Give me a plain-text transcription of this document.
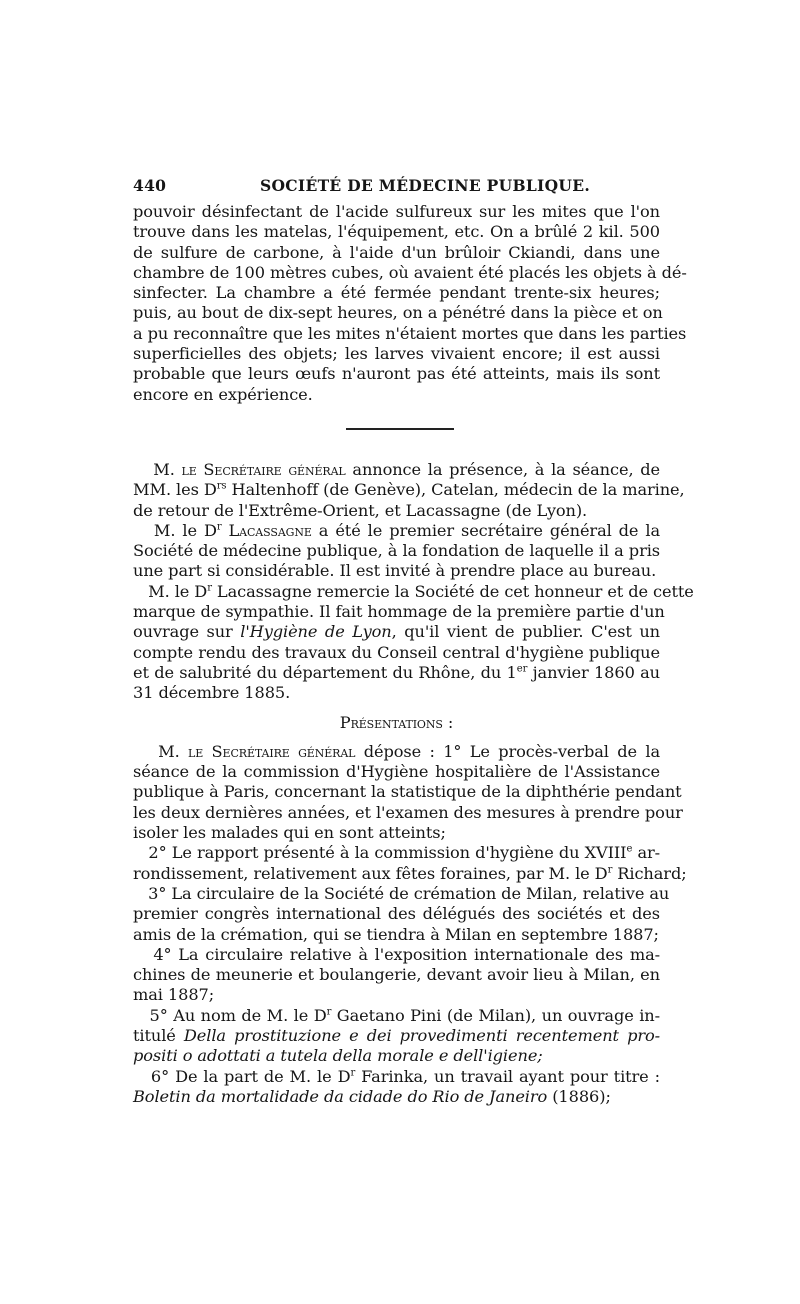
440	SOCIÉTÉ DE MÉDECINE PUBLIQUE.
pouvoir désinfectant de l'acide sulfureux sur les mites que l'on
trouve dans les matelas, l'équipement, etc. On a brûlé 2 kil. 500
de sulfure de carbone, à l'aide d'un brûloir Ckiandi, dans une
chambre de 100 mètres cubes, où avaient été placés les objets à dé-
sinfecter. La chambre a été fermée pendant trente-six heures;
puis, au bout de dix-sept heures, on a pénétré dans la pièce et on
a pu reconnaître que les mites n'étaient mortes que dans les parties
superficielles des objets; les larves vivaient encore; il est aussi
probable que leurs œufs n'auront pas été atteints, mais ils sont
encore en expérience.
M. le Secrétaire général annonce la présence, à la séance, de
MM. les $D^{rs}$ Haltenhoff (de Genève), Catelan, médecin de la marine,
de retour de l'Extrême-Orient, et Lacassagne (de Lyon).
M. le $D^r$ Lacassagne a été le premier secrétaire général de la
Société de médecine publique, à la fondation de laquelle il a pris
une part si considérable. Il est invité à prendre place au bureau.
M. le $D^r$ Lacassagne remercie la Société de cet honneur et de cette
marque de sympathie. Il fait hommage de la première partie d'un
ouvrage sur l'Hygiène de Lyon, qu'il vient de publier. C'est un
compte rendu des travaux du Conseil central d'hygiène publique
et de salubrité du département du Rhône, du 1er janvier 1860 au
31 décembre 1885.
Présentations :
M. le Secrétaire général dépose : 1° Le procès-verbal de la
séance de la commission d'Hygiène hospitalière de l'Assistance
publique à Paris, concernant la statistique de la diphthérie pendant
les deux dernières années, et l'examen des mesures à prendre pour
isoler les malades qui en sont atteints;
2° Le rapport présenté à la commission d'hygiène du XVIIIe ar-
rondissement, relativement aux fêtes foraines, par M. le $D^r$ Richard;
3° La circulaire de la Société de crémation de Milan, relative au
premier congrès international des délégués des sociétés et des
amis de la crémation, qui se tiendra à Milan en septembre 1887;
4° La circulaire relative à l'exposition internationale des ma-
chines de meunerie et boulangerie, devant avoir lieu à Milan, en
mai 1887;
5° Au nom de M. le $D^r$ Gaetano Pini (de Milan), un ouvrage in-
titulé Della prostituzione e dei provedimenti recentement pro-
positi o adottati a tutela della morale e dell'igiene;
6° De la part de M. le $D^r$ Farinka, un travail ayant pour titre :
Boletin da mortalidade da cidade do Rio de Janeiro (1886);
